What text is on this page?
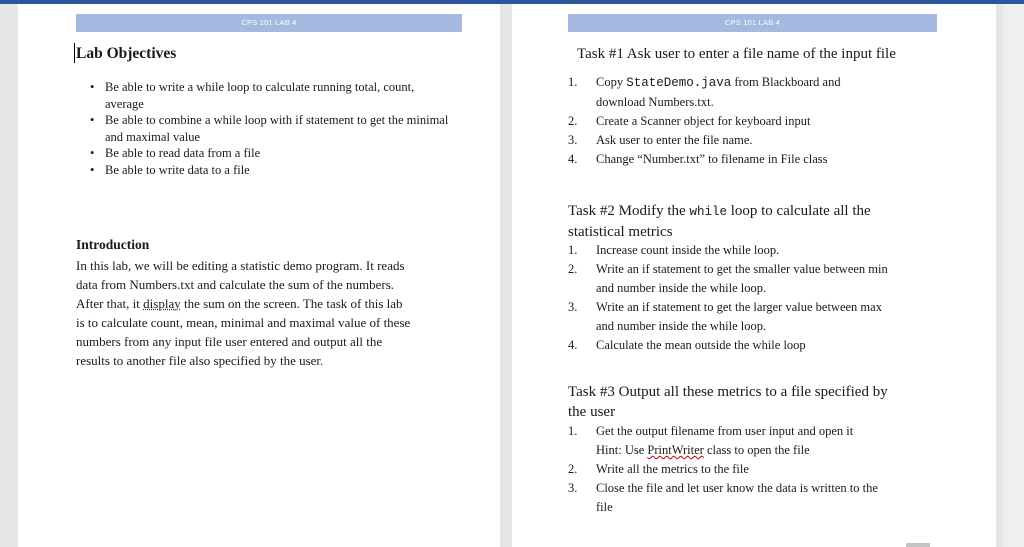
CPS 101 LAB 4
Lab Objectives
• Be able to write a while loop to calculate running total, count, average
• Be able to combine a while loop with if statement to get the minimal and maximal value
• Be able to read data from a file
• Be able to write data to a file
Introduction
In this lab, we will be editing a statistic demo program. It reads
data from Numbers.txt and calculate the sum of the numbers.
After that, it display the sum on the screen. The task of this lab
is to calculate count, mean, minimal and maximal value of these
numbers from any input file user entered and output all the
results to another file also specified by the user.
CPS 101 LAB 4
Task #1 Ask user to enter a file name of the input file
1. Copy StateDemo.java from Blackboard and
download Numbers.txt.
2. Create a Scanner object for keyboard input
3. Ask user to enter the file name.
4. Change “Number.txt” to filename in File class
Task #2 Modify the while loop to calculate all the
statistical metrics
1. Increase count inside the while loop.
2. Write an if statement to get the smaller value between min
and number inside the while loop.
3. Write an if statement to get the larger value between max
and number inside the while loop.
4. Calculate the mean outside the while loop
Task #3 Output all these metrics to a file specified by
the user
1. Get the output filename from user input and open it
Hint: Use PrintWriter class to open the file
2. Write all the metrics to the file
3. Close the file and let user know the data is written to the
file
